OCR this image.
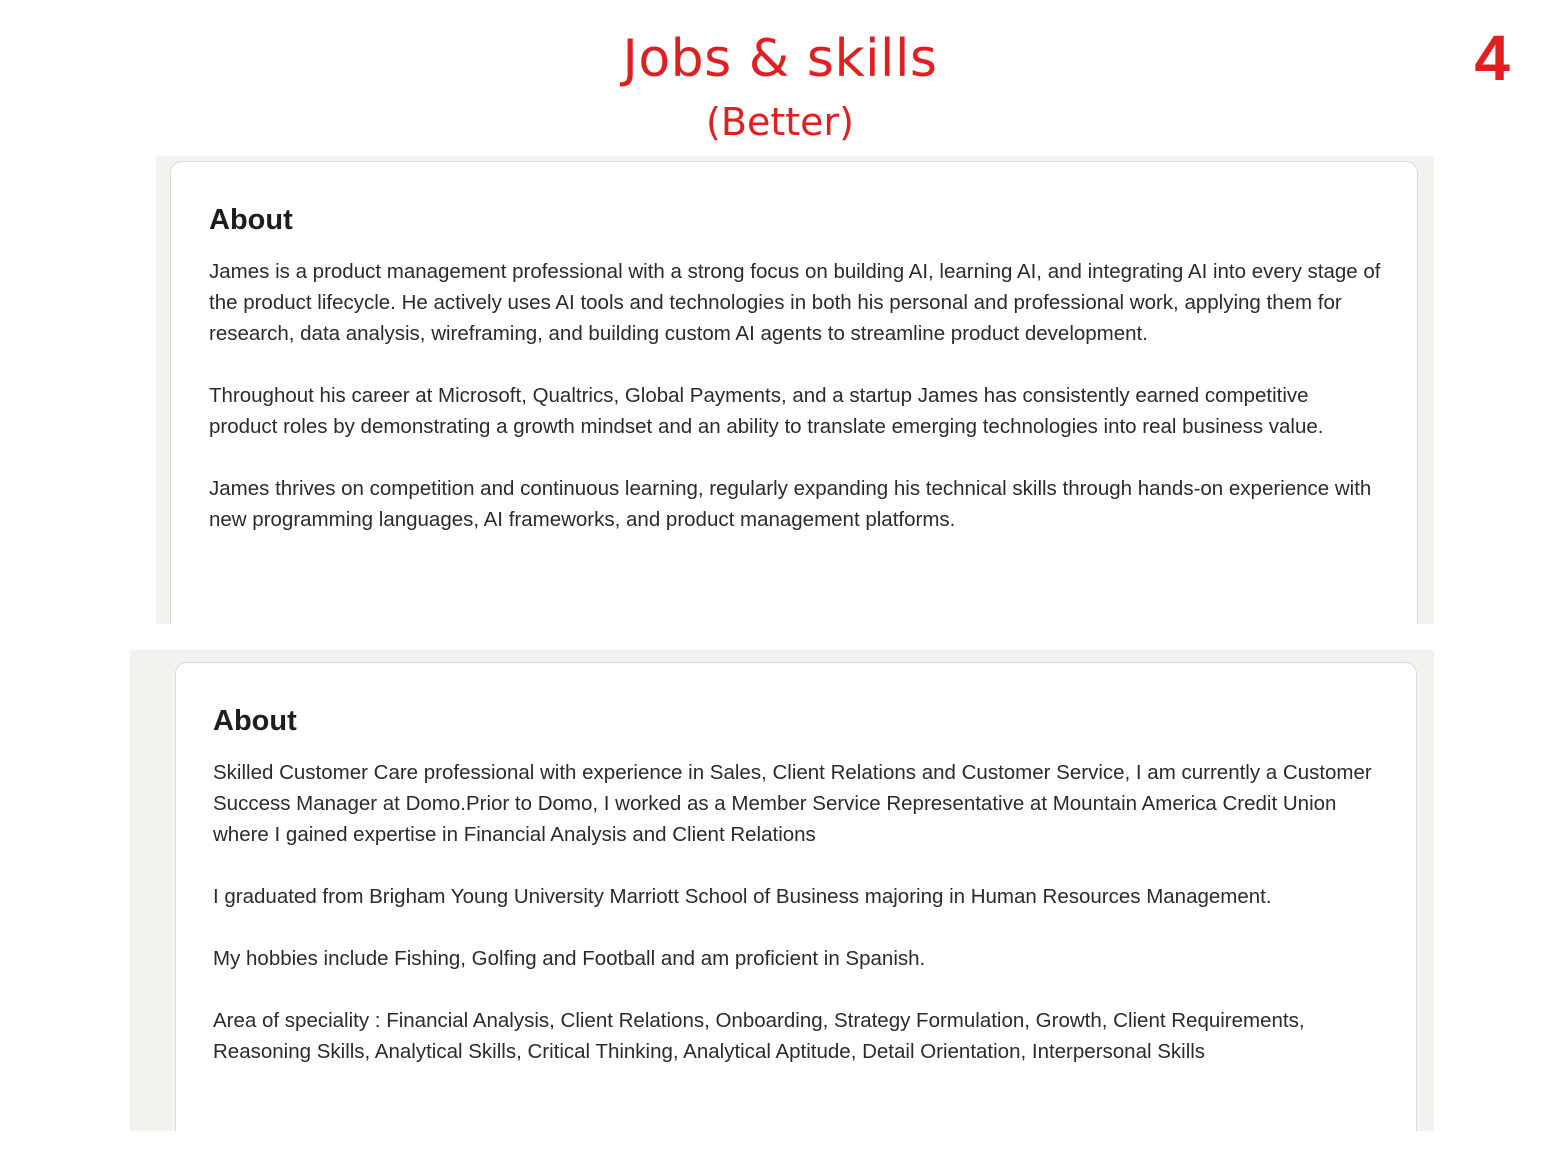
Jobs & skills
(Better)
4
About

James is a product management professional with a strong focus on building AI, learning AI, and integrating AI into every stage of the product lifecycle. He actively uses AI tools and technologies in both his personal and professional work, applying them for research, data analysis, wireframing, and building custom AI agents to streamline product development.

Throughout his career at Microsoft, Qualtrics, Global Payments, and a startup James has consistently earned competitive product roles by demonstrating a growth mindset and an ability to translate emerging technologies into real business value.

James thrives on competition and continuous learning, regularly expanding his technical skills through hands-on experience with new programming languages, AI frameworks, and product management platforms.

About

Skilled Customer Care professional with experience in Sales, Client Relations and Customer Service, I am currently a Customer Success Manager at Domo.Prior to Domo, I worked as a Member Service Representative at Mountain America Credit Union where I gained expertise in Financial Analysis and Client Relations

I graduated from Brigham Young University Marriott School of Business majoring in Human Resources Management.

My hobbies include Fishing, Golfing and Football and am proficient in Spanish.

Area of speciality : Financial Analysis, Client Relations, Onboarding, Strategy Formulation, Growth, Client Requirements, Reasoning Skills, Analytical Skills, Critical Thinking, Analytical Aptitude, Detail Orientation, Interpersonal Skills
